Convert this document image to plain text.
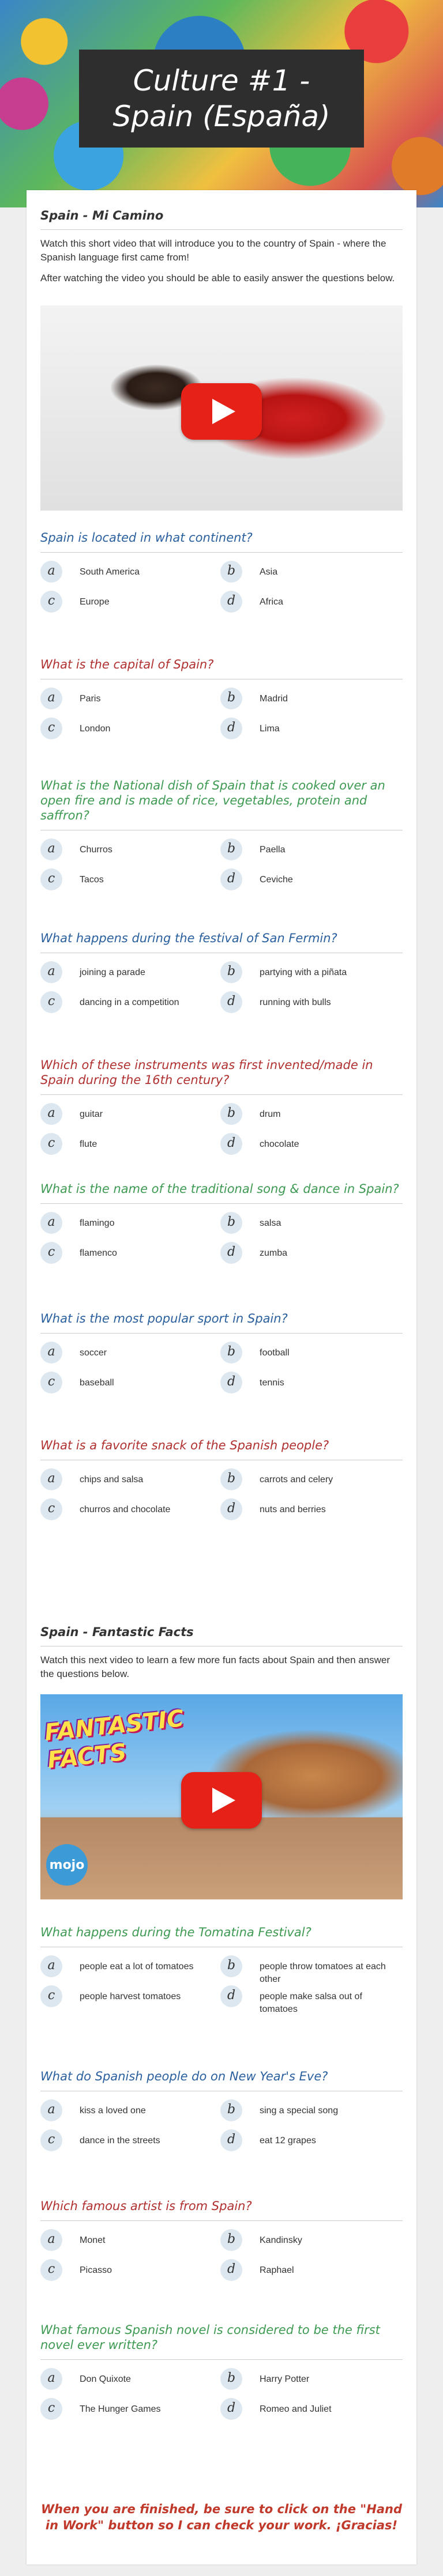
Culture #1 - Spain (España)
Spain - Mi Camino

Watch this short video that will introduce you to the country of Spain - where the Spanish language first came from!

After watching the video you should be able to easily answer the questions below.

Spain - Fantastic Facts

Watch this next video to learn a few more fun facts about Spain and then answer the questions below.

FANTASTIC FACTS
mojo
When you are finished, be sure to click on the "Hand in Work" button so I can check your work. ¡Gracias!
Spain is located in what continent?
a	South America	b	Asia
c	Europe	d	Africa
What is the capital of Spain?
a	Paris	b	Madrid
c	London	d	Lima
What is the National dish of Spain that is cooked over an open fire and is made of rice, vegetables, protein and saffron?
a	Churros	b	Paella
c	Tacos	d	Ceviche
What happens during the festival of San Fermin?
a	joining a parade	b	partying with a piñata
c	dancing in a competition	d	running with bulls
Which of these instruments was first invented/made in Spain during the 16th century?
a	guitar	b	drum
c	flute	d	chocolate
What is the name of the traditional song & dance in Spain?
a	flamingo	b	salsa
c	flamenco	d	zumba
What is the most popular sport in Spain?
a	soccer	b	football
c	baseball	d	tennis
What is a favorite snack of the Spanish people?
a	chips and salsa	b	carrots and celery
c	churros and chocolate	d	nuts and berries
What happens during the Tomatina Festival?
a	people eat a lot of tomatoes	b	people throw tomatoes at each other
c	people harvest tomatoes	d	people make salsa out of tomatoes
What do Spanish people do on New Year's Eve?
a	kiss a loved one	b	sing a special song
c	dance in the streets	d	eat 12 grapes
Which famous artist is from Spain?
a	Monet	b	Kandinsky
c	Picasso	d	Raphael
What famous Spanish novel is considered to be the first novel ever written?
a	Don Quixote	b	Harry Potter
c	The Hunger Games	d	Romeo and Juliet
